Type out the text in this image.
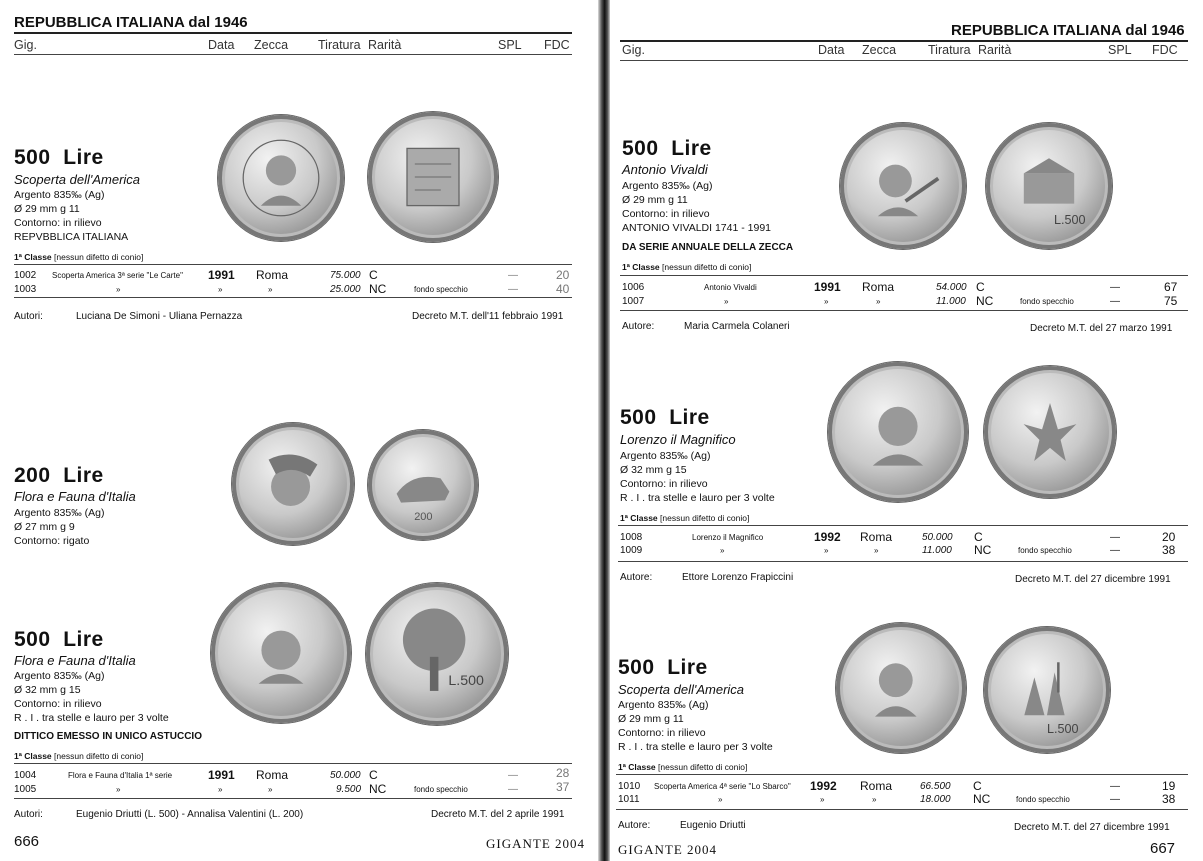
REPUBBLICA ITALIANA dal 1946
Gig.	Data Zecca Tiratura Rarità	SPL FDC
500 Lire
Scoperta dell'America
Argento 835‰ (Ag)
Ø 29 mm g 11
Contorno: in rilievo
REPVBBLICA ITALIANA
1ª Classe [nessun difetto di conio]
1002 Scoperta America 3ª serie "Le Carte" 1991 Roma	75.000 C	—	20
1003	»	»	»	25.000 NC	fondo specchio	—	40
Autori:	Luciana De Simoni - Uliana Pernazza	Decreto M.T. dell'11 febbraio 1991
200
200 Lire
Flora e Fauna d'Italia
Argento 835‰ (Ag)
Ø 27 mm g 9
Contorno: rigato
L.500
500 Lire
Flora e Fauna d'Italia
Argento 835‰ (Ag)
Ø 32 mm g 15
Contorno: in rilievo
R . I . tra stelle e lauro per 3 volte
DITTICO EMESSO IN UNICO ASTUCCIO
1ª Classe [nessun difetto di conio]
1004	Flora e Fauna d'Italia 1ª serie	1991 Roma	50.000 C	—	28
1005	»	»	»	9.500 NC	fondo specchio	—	37
Autori:	Eugenio Driutti (L. 500) - Annalisa Valentini (L. 200)	Decreto M.T. del 2 aprile 1991
666	GIGANTE 2004
REPUBBLICA ITALIANA dal 1946
Gig.	Data Zecca	Tiratura Rarità	SPL FDC
L.500
500 Lire
Antonio Vivaldi
Argento 835‰ (Ag)
Ø 29 mm g 11
Contorno: in rilievo
ANTONIO VIVALDI 1741 - 1991
DA SERIE ANNUALE DELLA ZECCA
1ª Classe [nessun difetto di conio]
1006	Antonio Vivaldi	1991 Roma	54.000 C	—	67
1007	»	»	»	11.000 NC	fondo specchio	—	75
Autore:	Maria Carmela Colaneri	Decreto M.T. del 27 marzo 1991
500 Lire
Lorenzo il Magnifico
Argento 835‰ (Ag)
Ø 32 mm g 15
Contorno: in rilievo
R . I . tra stelle e lauro per 3 volte
1ª Classe [nessun difetto di conio]
1008	Lorenzo il Magnifico	1992 Roma	50.000 C	—	20
1009	»	»	»	11.000 NC	fondo specchio	—	38
Autore:	Ettore Lorenzo Frapiccini	Decreto M.T. del 27 dicembre 1991
L.500
500 Lire
Scoperta dell'America
Argento 835‰ (Ag)
Ø 29 mm g 11
Contorno: in rilievo
R . I . tra stelle e lauro per 3 volte
1ª Classe [nessun difetto di conio]
1010 Scoperta America 4ª serie "Lo Sbarco" 1992 Roma	66.500 C	—	19
1011	»	»	»	18.000 NC	fondo specchio	—	38
Autore:	Eugenio Driutti	Decreto M.T. del 27 dicembre 1991
GIGANTE 2004	667
